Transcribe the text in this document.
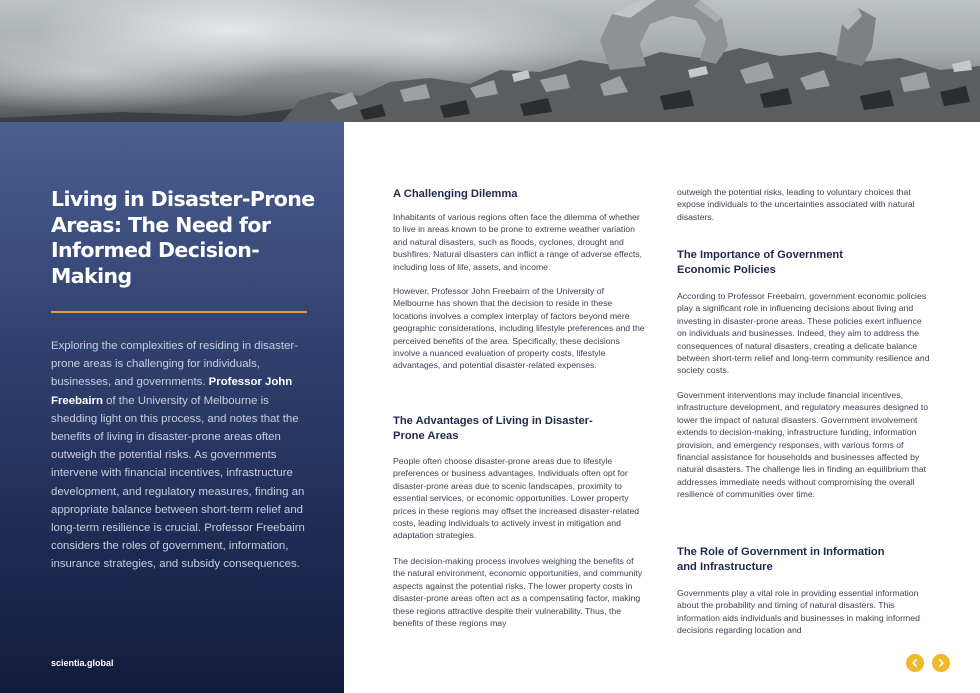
Living in Disaster-Prone Areas: The Need for Informed Decision-Making

Exploring the complexities of residing in disaster-prone areas is challenging for individuals, businesses, and governments. Professor John Freebairn of the University of Melbourne is shedding light on this process, and notes that the benefits of living in disaster-prone areas often outweigh the potential risks. As governments intervene with financial incentives, infrastructure development, and regulatory measures, finding an appropriate balance between short-term relief and long-term resilience is crucial. Professor Freebairn considers the roles of government, information, insurance strategies, and subsidy consequences.

scientia.global
A Challenging Dilemma

Inhabitants of various regions often face the dilemma of whether to live in areas known to be prone to extreme weather variation and natural disasters, such as floods, cyclones, drought and bushfires. Natural disasters can inflict a range of adverse effects, including loss of life, assets, and income.

However, Professor John Freebairn of the University of Melbourne has shown that the decision to reside in these locations involves a complex interplay of factors beyond mere geographic considerations, including lifestyle preferences and the perceived benefits of the area. Specifically, these decisions involve a nuanced evaluation of property costs, lifestyle advantages, and potential disaster-related expenses.

The Advantages of Living in Disaster-Prone Areas

People often choose disaster-prone areas due to lifestyle preferences or business advantages. Individuals often opt for disaster-prone areas due to scenic landscapes, proximity to essential services, or economic opportunities. Lower property prices in these regions may offset the increased disaster-related costs, leading individuals to actively invest in mitigation and adaptation strategies.

The decision-making process involves weighing the benefits of the natural environment, economic opportunities, and community aspects against the potential risks. The lower property costs in disaster-prone areas often act as a compensating factor, making these regions attractive despite their vulnerability. Thus, the benefits of these regions may

outweigh the potential risks, leading to voluntary choices that expose individuals to the uncertainties associated with natural disasters.

The Importance of Government Economic Policies

According to Professor Freebairn, government economic policies play a significant role in influencing decisions about living and investing in disaster-prone areas. These policies exert influence on individuals and businesses. Indeed, they aim to address the consequences of natural disasters, creating a delicate balance between short-term relief and long-term community resilience and society costs.

Government interventions may include financial incentives, infrastructure development, and regulatory measures designed to lower the impact of natural disasters. Government involvement extends to decision-making, infrastructure funding, information provision, and emergency responses, with various forms of financial assistance for households and businesses affected by natural disasters. The challenge lies in finding an equilibrium that addresses immediate needs without compromising the overall resilience of communities over time.

The Role of Government in Information and Infrastructure

Governments play a vital role in providing essential information about the probability and timing of natural disasters. This information aids individuals and businesses in making informed decisions regarding location and
